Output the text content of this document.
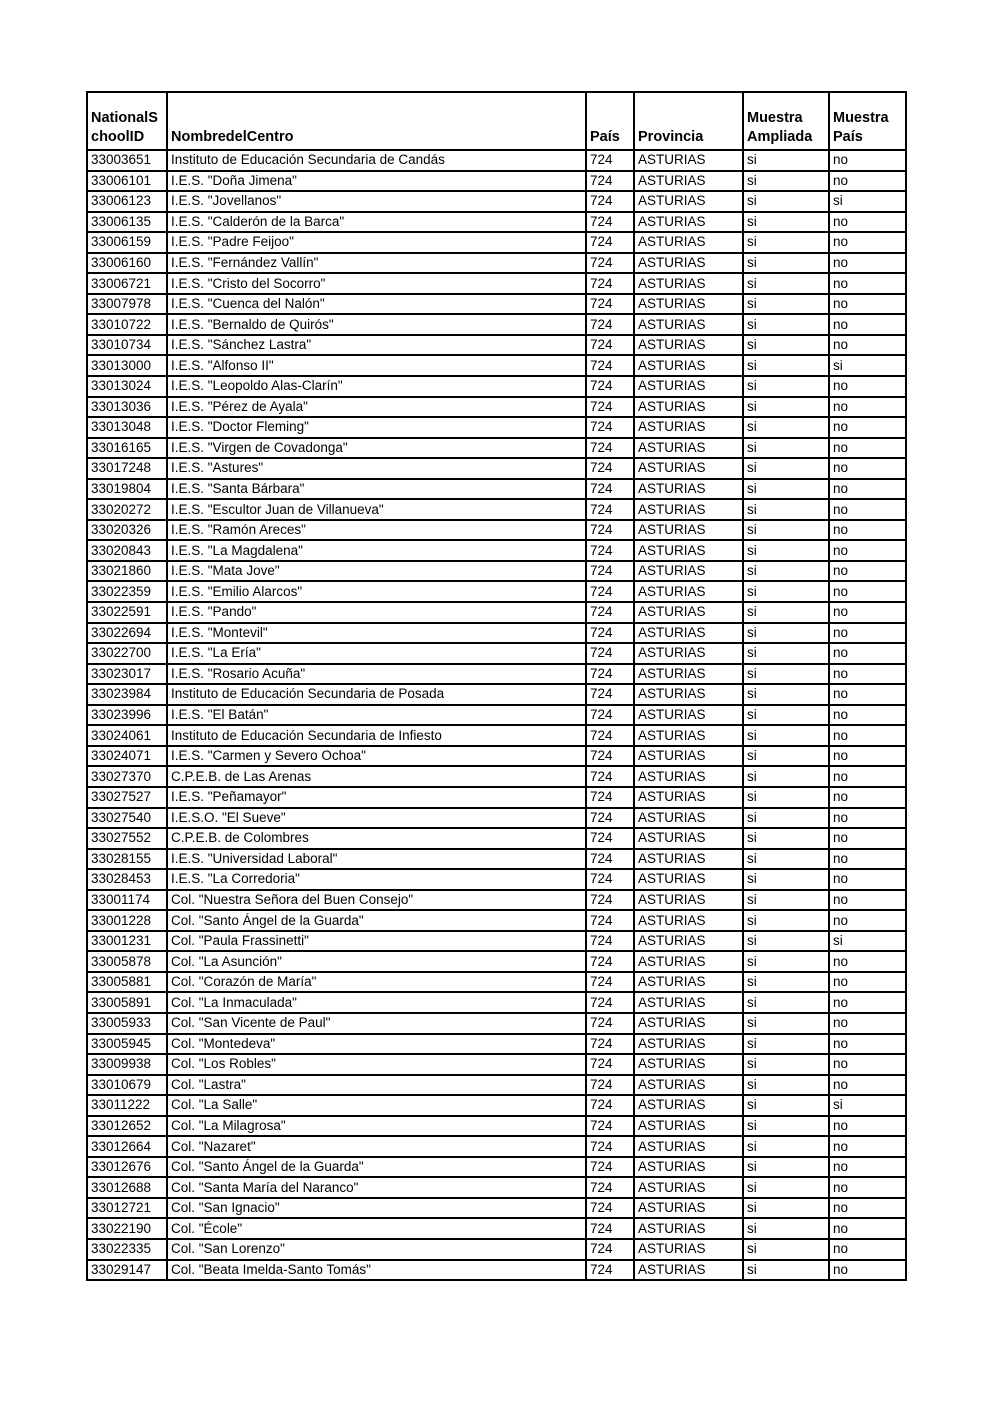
NationalSchoolID	NombredelCentro	País	Provincia	Muestra Ampliada	Muestra País
33003651	Instituto de Educación Secundaria de Candás	724	ASTURIAS	si	no
33006101	I.E.S. "Doña Jimena"	724	ASTURIAS	si	no
33006123	I.E.S. "Jovellanos"	724	ASTURIAS	si	si
33006135	I.E.S. "Calderón de la Barca"	724	ASTURIAS	si	no
33006159	I.E.S. "Padre Feijoo"	724	ASTURIAS	si	no
33006160	I.E.S. "Fernández Vallín"	724	ASTURIAS	si	no
33006721	I.E.S. "Cristo del Socorro"	724	ASTURIAS	si	no
33007978	I.E.S. "Cuenca del Nalón"	724	ASTURIAS	si	no
33010722	I.E.S. "Bernaldo de Quirós"	724	ASTURIAS	si	no
33010734	I.E.S. "Sánchez Lastra"	724	ASTURIAS	si	no
33013000	I.E.S. "Alfonso II"	724	ASTURIAS	si	si
33013024	I.E.S. "Leopoldo Alas-Clarín"	724	ASTURIAS	si	no
33013036	I.E.S. "Pérez de Ayala"	724	ASTURIAS	si	no
33013048	I.E.S. "Doctor Fleming"	724	ASTURIAS	si	no
33016165	I.E.S. "Virgen de Covadonga"	724	ASTURIAS	si	no
33017248	I.E.S. "Astures"	724	ASTURIAS	si	no
33019804	I.E.S. "Santa Bárbara"	724	ASTURIAS	si	no
33020272	I.E.S. "Escultor Juan de Villanueva"	724	ASTURIAS	si	no
33020326	I.E.S. "Ramón Areces"	724	ASTURIAS	si	no
33020843	I.E.S. "La Magdalena"	724	ASTURIAS	si	no
33021860	I.E.S. "Mata Jove"	724	ASTURIAS	si	no
33022359	I.E.S. "Emilio Alarcos"	724	ASTURIAS	si	no
33022591	I.E.S. "Pando"	724	ASTURIAS	si	no
33022694	I.E.S. "Montevil"	724	ASTURIAS	si	no
33022700	I.E.S. "La Ería"	724	ASTURIAS	si	no
33023017	I.E.S. "Rosario Acuña"	724	ASTURIAS	si	no
33023984	Instituto de Educación Secundaria de Posada	724	ASTURIAS	si	no
33023996	I.E.S. "El Batán"	724	ASTURIAS	si	no
33024061	Instituto de Educación Secundaria de Infiesto	724	ASTURIAS	si	no
33024071	I.E.S. "Carmen y Severo Ochoa"	724	ASTURIAS	si	no
33027370	C.P.E.B. de Las Arenas	724	ASTURIAS	si	no
33027527	I.E.S. "Peñamayor"	724	ASTURIAS	si	no
33027540	I.E.S.O. "El Sueve"	724	ASTURIAS	si	no
33027552	C.P.E.B. de Colombres	724	ASTURIAS	si	no
33028155	I.E.S. "Universidad Laboral"	724	ASTURIAS	si	no
33028453	I.E.S. "La Corredoria"	724	ASTURIAS	si	no
33001174	Col. "Nuestra Señora del Buen Consejo"	724	ASTURIAS	si	no
33001228	Col. "Santo Ángel de la Guarda"	724	ASTURIAS	si	no
33001231	Col. "Paula Frassinetti"	724	ASTURIAS	si	si
33005878	Col. "La Asunción"	724	ASTURIAS	si	no
33005881	Col. "Corazón de María"	724	ASTURIAS	si	no
33005891	Col. "La Inmaculada"	724	ASTURIAS	si	no
33005933	Col. "San Vicente de Paul"	724	ASTURIAS	si	no
33005945	Col. "Montedeva"	724	ASTURIAS	si	no
33009938	Col. "Los Robles"	724	ASTURIAS	si	no
33010679	Col. "Lastra"	724	ASTURIAS	si	no
33011222	Col. "La Salle"	724	ASTURIAS	si	si
33012652	Col. "La Milagrosa"	724	ASTURIAS	si	no
33012664	Col. "Nazaret"	724	ASTURIAS	si	no
33012676	Col. "Santo Ángel de la Guarda"	724	ASTURIAS	si	no
33012688	Col. "Santa María del Naranco"	724	ASTURIAS	si	no
33012721	Col. "San Ignacio"	724	ASTURIAS	si	no
33022190	Col. "École"	724	ASTURIAS	si	no
33022335	Col. "San Lorenzo"	724	ASTURIAS	si	no
33029147	Col. "Beata Imelda-Santo Tomás"	724	ASTURIAS	si	no
